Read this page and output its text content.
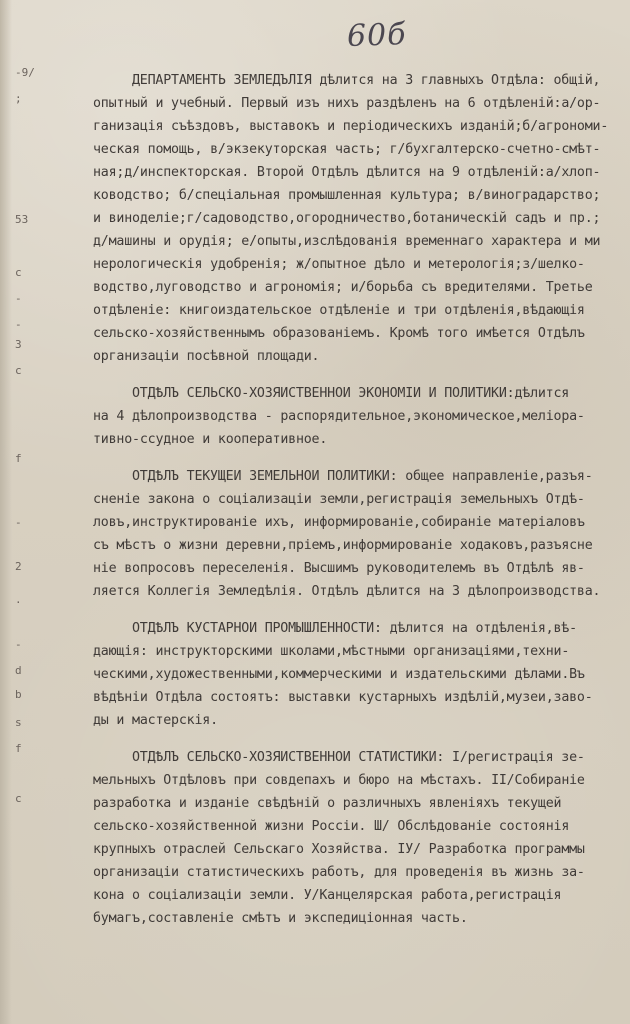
60б
-9/
;
53
c
-
-
3
c
f
-
2
.
-
d
b
s
f
c
ДЕПАРТАМЕНТЬ ЗЕМЛЕДЪЛІЯ дѣлится на 3 главныхъ Отдѣла: общій,
опытный и учебный. Первый изъ нихъ раздѣленъ на 6 отдѣленій:а/ор-
ганизація съѣздовъ, выставокъ и періодическихъ изданій;б/агрономи-
ческая помощь, в/экзекуторская часть; г/бухгалтерско-счетно-смѣт-
ная;д/инспекторская. Второй Отдѣлъ дѣлится на 9 отдѣленій:а/хлоп-
ководство; б/спеціальная промышленная культура; в/виноградарство;
и виноделіе;г/садоводство,огородничество,ботаническій садъ и пр.;
д/машины и орудія; е/опыты,изслѣдованія временнаго характера и ми
нерологическія удобренія; ж/опытное дѣло и метерологія;з/шелко-
водство,луговодство и агрономія; и/борьба съ вредителями. Третье
отдѣленіе: книгоиздательское отдѣленіе и три отдѣленія,вѣдающія
сельско-хозяйственнымъ образованіемъ. Кромѣ того имѣется Отдѣлъ
организаціи посѣвной площади.
ОТДѢЛЪ СЕЛЬСКО-ХОЗЯЙСТВЕННОЙ ЭКОНОМІИ И ПОЛИТИКИ:дѣлится
на 4 дѣлопроизводства - распорядительное,экономическое,меліора-
тивно-ссудное и кооперативное.
ОТДѢЛЪ ТЕКУЩЕЙ ЗЕМЕЛЬНОЙ ПОЛИТИКИ: общее направленіе,разъя-
сненіе закона о соціализаціи земли,регистрація земельныхъ Отдѣ-
ловъ,инструктированіе ихъ, информированіе,собираніе матеріаловъ
съ мѣстъ о жизни деревни,пріемъ,информированіе ходаковъ,разъясне
ніе вопросовъ переселенія. Высшимъ руководителемъ въ Отдѣлѣ яв-
ляется Коллегія Земледѣлія. Отдѣлъ дѣлится на 3 дѣлопроизводства.
ОТДѢЛЪ КУСТАРНОЙ ПРОМЫШЛЕННОСТИ: дѣлится на отдѣленія,вѣ-
дающія: инструкторскими школами,мѣстными организаціями,техни-
ческими,художественными,коммерческими и издательскими дѣлами.Въ
вѣдѣніи Отдѣла состоятъ: выставки кустарныхъ издѣлій,музеи,заво-
ды и мастерскія.
ОТДѢЛЪ СЕЛЬСКО-ХОЗЯЙСТВЕННОЙ СТАТИСТИКИ: I/регистрація зе-
мельныхъ Отдѣловъ при совдепахъ и бюро на мѣстахъ. II/Собираніе
разработка и изданіе свѣдѣній о различныхъ явленіяхъ текущей
сельско-хозяйственной жизни Россіи. Ш/ Обслѣдованіе состоянія
крупныхъ отраслей Сельскаго Хозяйства. IУ/ Разработка программы
организаціи статистическихъ работъ, для проведенія въ жизнь за-
кона о соціализаціи земли. У/Канцелярская работа,регистрація
бумагъ,составленіе смѣтъ и экспедиціонная часть.
